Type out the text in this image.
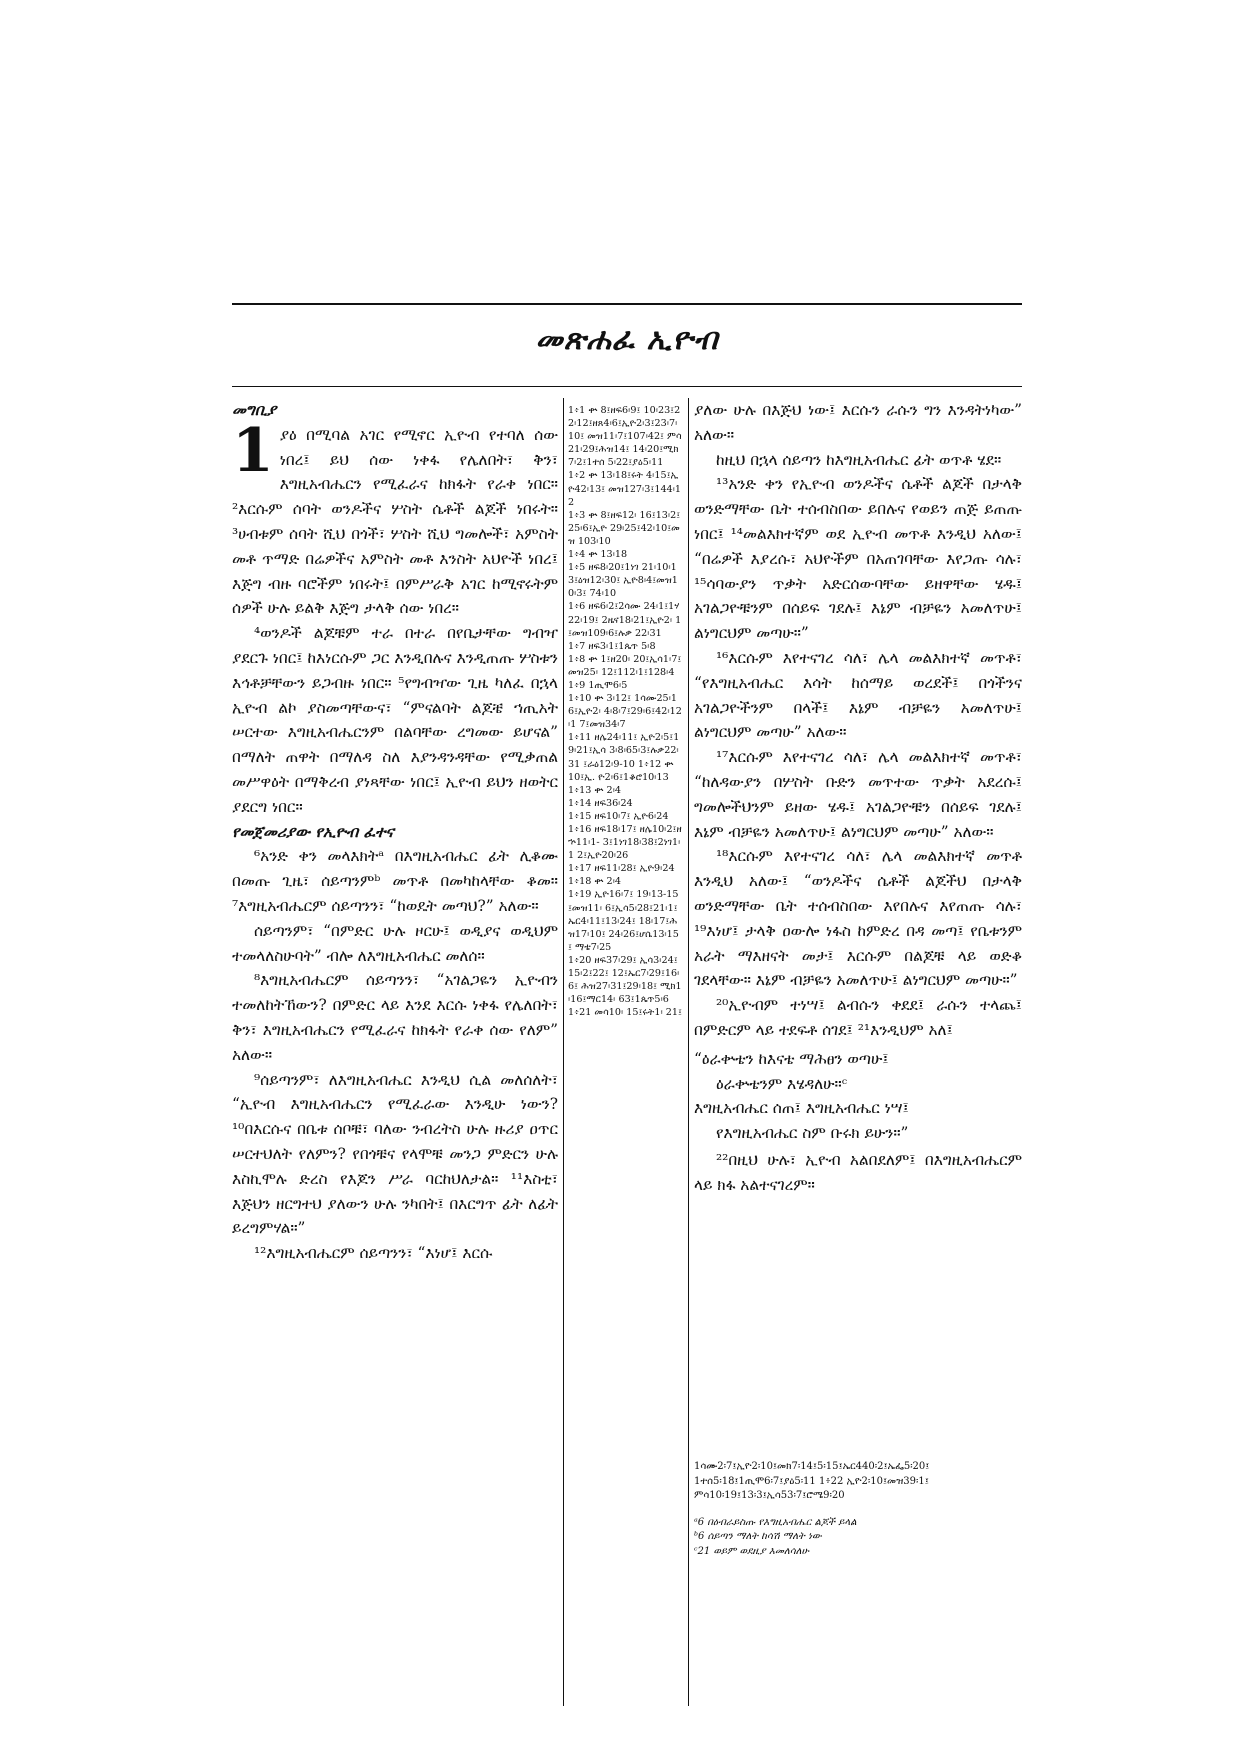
መጽሐፈ ኢዮብ

መግቢያ

1 ያዕ በሚባል አገር የሚኖር ኢዮብ የተባለ ሰው ነበረ፤ ይህ ሰው ነቀፋ የሌለበት፣ ቅን፣ እግዚአብሔርን የሚፈራና ከክፋት የራቀ ነበር። ²እርሱም ሰባት ወንዶችና ሦስት ሴቶች ልጆች ነበሩት። ³ሀብቱም ሰባት ሺህ በጎች፣ ሦስት ሺህ ግመሎች፣ አምስት መቶ ጥማድ በሬዎችና አምስት መቶ እንስት አህዮች ነበረ፤ እጅግ ብዙ ባሮችም ነበሩት፤ በምሥራቅ አገር ከሚኖሩትም ሰዎች ሁሉ ይልቅ እጅግ ታላቅ ሰው ነበረ።

⁴ወንዶች ልጆቹም ተራ በተራ በየቤታቸው ግብዣ ያደርጉ ነበር፤ ከእነርሱም ጋር እንዲበሉና እንዲጠጡ ሦስቱን እኅቶቻቸውን ይጋብዙ ነበር። ⁵የግብዣው ጊዜ ካለፈ በኋላ ኢዮብ ልኮ ያስመጣቸውና፣ “ምናልባት ልጆቼ ኀጢአት ሠርተው እግዚአብሔርንም በልባቸው ረግመው ይሆናል” በማለት ጠዋት በማለዳ ስለ እያንዳንዳቸው የሚቃጠል መሥዋዕት በማቅረብ ያነጻቸው ነበር፤ ኢዮብ ይህን ዘወትር ያደርግ ነበር።

የመጀመሪያው የኢዮብ ፈተና

⁶አንድ ቀን መላእክትᵃ በእግዚአብሔር ፊት ሊቆሙ በመጡ ጊዜ፣ ሰይጣንምᵇ መጥቶ በመካከላቸው ቆመ። ⁷እግዚአብሔርም ሰይጣንን፣ “ከወዴት መጣህ?” አለው።

ሰይጣንም፣ “በምድር ሁሉ ዞርሁ፤ ወዲያና ወዲህም ተመላለስሁባት” ብሎ ለእግዚአብሔር መለሰ።

⁸እግዚአብሔርም ሰይጣንን፣ “አገልጋዬን ኢዮብን ተመለከትኸውን? በምድር ላይ እንደ እርሱ ነቀፋ የሌለበት፣ ቅን፣ እግዚአብሔርን የሚፈራና ከክፋት የራቀ ሰው የለም” አለው።

⁹ሰይጣንም፣ ለእግዚአብሔር እንዲህ ሲል መለሰለት፣ “ኢዮብ እግዚአብሔርን የሚፈራው እንዲሁ ነውን? ¹⁰በእርሱና በቤቱ ሰቦቹ፣ ባለው ንብረትስ ሁሉ ዙሪያ ዐጥር ሠርተህለት የለምን? የበጎቹና የላሞቹ መንጋ ምድርን ሁሉ እስኪሞሉ ድረስ የእጆን ሥራ ባርከህለታል። ¹¹እስቲ፣ እጅህን ዘርግተህ ያለውን ሁሉ ንካበት፤ በእርግጥ ፊት ለፊት ይረግምሃል።”

¹²እግዚአብሔርም ሰይጣንን፣ “እነሆ፤ እርሱ

1፥1 ቍ 8፤ዘፍ6፡9፤ 10፡23፤22፡12፤ዘጸ4፡6፤ኢዮ2፡3፤23፡7፡10፤ መዝ11፡7፤107፡42፤ ምሳ21፡29፤ሕዝ14፤ 14፡20፤ሚክ7፡2፤1ተሰ 5፡22፤ያዕ5፡11

1፥2 ቍ 13፡18፤ሩት 4፡15፤ኢዮ42፡13፤ መዝ127፡3፤144፡12

1፥3 ቍ 8፤ዘፍ12፡ 16፤13፡2፤25፡6፤ኢዮ 29፡25፤42፡10፤መዝ 103፡10

1፥4 ቍ 13፡18

1፥5 ዘፍ8፡20፤1ነገ 21፡10፡13፤ዕዝ12፡30፤ ኢዮ8፡4፤መዝ10፡3፤ 74፡10

1፥6 ዘፍ6፡2፤2ሳሙ 24፡1፤1ሃ22፡19፤ 2ዜና18፡21፤ኢዮ2፡ 1፤መዝ109፡6፤ሉቃ 22፡31

1፥7 ዘፍ3፡1፤1ጴጥ 5፡8

1፥8 ቍ 1፤ዘ20፡ 20፤ኢሳ1፡7፤መዝ25፡ 12፤112፡1፤128፡4

1፥9 1ጢሞ6፡5

1፥10 ቍ 3፡12፤ 1ሳሙ25፡16፤ኢዮ2፡ 4፡8፡7፤29፡6፤42፡12፡1 7፤መዝ34፡7

1፥11 ዘሌ24፡11፤ ኢዮ2፡5፤19፡21፤ኢሳ 3፡8፡65፡3፤ሉቃ22፡31 ፤ራዕ12፡9-10 1፥12 ቍ 10፤ኢ. ዮ2፡6፤1ቆሮ10፡13

1፥13 ቍ 2፡4

1፥14 ዘፍ36፡24

1፥15 ዘፍ10፡7፤ ኢዮ6፡24

1፥16 ዘፍ18፡17፤ ዘሌ10፡2፤ዘኍ11፡1- 3፤1ነገ18፡38፤2ነገ1፡1 2፤ኢዮ20፡26

1፥17 ዘፍ11፡28፤ ኢዮ9፡24

1፥18 ቍ 2፡4

1፥19 ኢዮ16፡7፤ 19፡13-15፤መዝ11፡ 6፤ኢሳ5፡28፤21፡1፤ ኤር4፡11፤13፡24፤ 18፡17፤ሕዝ17፡10፤ 24፡26፤ሆሴ13፡15፤ ማቴ7፡25

1፥20 ዘፍ37፡29፤ ኢሳ3፡24፤15፡2፤22፤ 12፤ኤር7፡29፤16፡6፤ ሕዝ27፡31፤29፡18፤ ሚክ1፡16፤ማር14፡ 63፤1ጴጥ5፡6

1፥21 መሳ10፡ 15፤ሩት1፡ 21፤

ያለው ሁሉ በእጅህ ነው፤ እርሱን ራሱን ግን እንዳትነካው” አለው።

ከዚህ በኋላ ሰይጣን ከእግዚአብሔር ፊት ወጥቶ ሄደ።

¹³አንድ ቀን የኢዮብ ወንዶችና ሴቶች ልጆች በታላቅ ወንድማቸው ቤት ተሰብስበው ይበሉና የወይን ጠጅ ይጠጡ ነበር፤ ¹⁴መልእክተኛም ወደ ኢዮብ መጥቶ እንዲህ አለው፤ “በሬዎች እያረሱ፣ አህዮችም በአጠገባቸው እየጋጡ ሳሉ፣ ¹⁵ሳባውያን ጥቃት አድርሰውባቸው ይዘዋቸው ሄዱ፤ አገልጋዮቹንም በሰይፍ ገደሉ፤ እኔም ብቻዬን አመለጥሁ፤ ልነግርህም መጣሁ።”

¹⁶እርሱም እየተናገረ ሳለ፣ ሌላ መልእክተኛ መጥቶ፣ “የእግዚአብሔር እሳት ከሰማይ ወረደች፤ በጎችንና አገልጋዮችንም በላች፤ እኔም ብቻዬን አመለጥሁ፤ ልነግርህም መጣሁ” አለው።

¹⁷እርሱም እየተናገረ ሳለ፣ ሌላ መልእክተኛ መጥቶ፣ “ከለዳውያን በሦስት ቡድን መጥተው ጥቃት አደረሱ፤ ግመሎችህንም ይዘው ሄዱ፤ አገልጋዮቹን በሰይፍ ገደሉ፤ እኔም ብቻዬን አመለጥሁ፤ ልነግርህም መጣሁ” አለው።

¹⁸እርሱም እየተናገረ ሳለ፣ ሌላ መልእክተኛ መጥቶ እንዲህ አለው፤ “ወንዶችና ሴቶች ልጆችህ በታላቅ ወንድማቸው ቤት ተሰብስበው እየበሉና እየጠጡ ሳሉ፣ ¹⁹እነሆ፤ ታላቅ ዐውሎ ነፋስ ከምድረ በዳ መጣ፤ የቤቱንም አራት ማእዘናት መታ፤ እርሱም በልጆቹ ላይ ወድቆ ገደላቸው። እኔም ብቻዬን አመለጥሁ፤ ልነግርህም መጣሁ።”

²⁰ኢዮብም ተነሣ፤ ልብሱን ቀደደ፤ ራሱን ተላጨ፤ በምድርም ላይ ተደፍቶ ሰገደ፤ ²¹እንዲህም አለ፤

“ዕራቍቴን ከእናቴ ማሕፀን ወጣሁ፤

ዕራቍቴንም እሄዳለሁ።ᶜ

እግዚአብሔር ሰጠ፤ እግዚአብሔር ነሣ፤

የእግዚአብሔር ስም ቡሩክ ይሁን።”

²²በዚህ ሁሉ፣ ኢዮብ አልበደለም፤ በእግዚአብሔርም ላይ ክፋ አልተናገረም።

1ሳሙ2፡7፤ኢዮ2፡10፤መክ7፡14፤5፡15፤ኤር440፡2፤ኤፌ5፡20፤

1ተሰ5፡18፤1ጢሞ6፡7፤ያዕ5፡11 1፥22 ኢዮ2፡10፤መዝ39፡1፤

ምሳ10፡19፤13፡3፤ኢሳ53፡7፤ሮሜ9፡20

ᵃ6 በዕብራይስጡ የእግዚአብሔር ልጆች ይላል

ᵇ6 ሰይጣን ማለት ከሳሽ ማለት ነው

ᶜ21 ወይም ወደዚያ እመለሳለሁ
